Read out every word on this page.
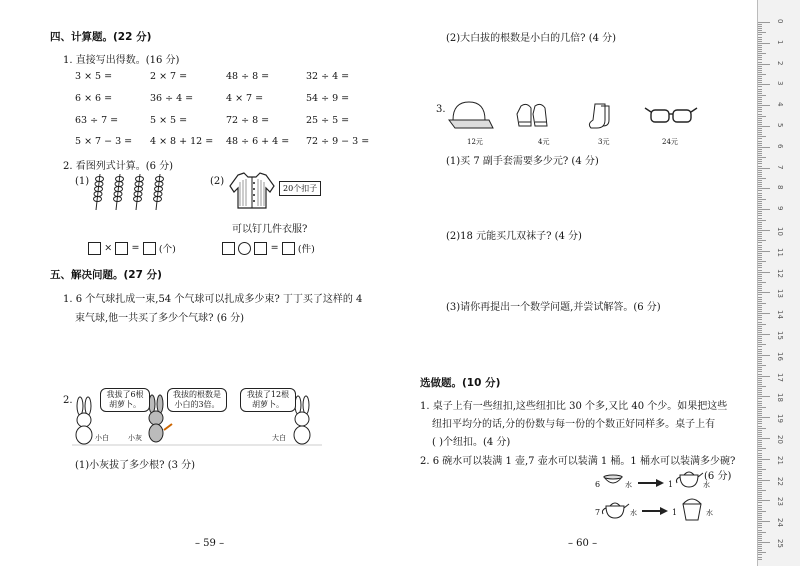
四、计算题。(22 分)
1. 直接写出得数。(16 分)
3 × 5 =	2 × 7 =	48 ÷ 8 =	32 ÷ 4 =
6 × 6 =	36 ÷ 4 =	4 × 7 =	54 ÷ 9 =
63 ÷ 7 =	5 × 5 =	72 ÷ 8 =	25 ÷ 5 =
5 × 7 − 3 = 4 × 8 + 12 = 48 ÷ 6 + 4 = 72 ÷ 9 − 3 =
2. 看图列式计算。(6 分)
(1)	(2)
20个扣子
可以钉几件衣服?
× = (个)	= (件)
五、解决问题。(27 分)
1. 6 个气球扎成一束,54 个气球可以扎成多少束? 丁丁买了这样的 4
束气球,他一共买了多少个气球? (6 分)
2.
我拔了6根胡萝卜。
我拔的根数是小白的3倍。
我拔了12根胡萝卜。
小白	小灰	大白
(1)小灰拔了多少根? (3 分)
– 59 –
(2)大白拔的根数是小白的几倍? (4 分)
3.
12元	4元	3元	24元
(1)买 7 副手套需要多少元? (4 分)
(2)18 元能买几双袜子? (4 分)
(3)请你再提出一个数学问题,并尝试解答。(6 分)
选做题。(10 分)
1. 桌子上有一些纽扣,这些纽扣比 30 个多,又比 40 个少。如果把这些
纽扣平均分的话,分的份数与每一份的个数正好同样多。桌子上有
( )个纽扣。(4 分)
2. 6 碗水可以装满 1 壶,7 壶水可以装满 1 桶。1 桶水可以装满多少碗?
(6 分)
6	水	1	水
7	水	1	水
– 60 –
0
1
2
3
4
5
6
7
8
9
10
11
12
13
14
15
16
17
18
19
20
21
22
23
24
25
